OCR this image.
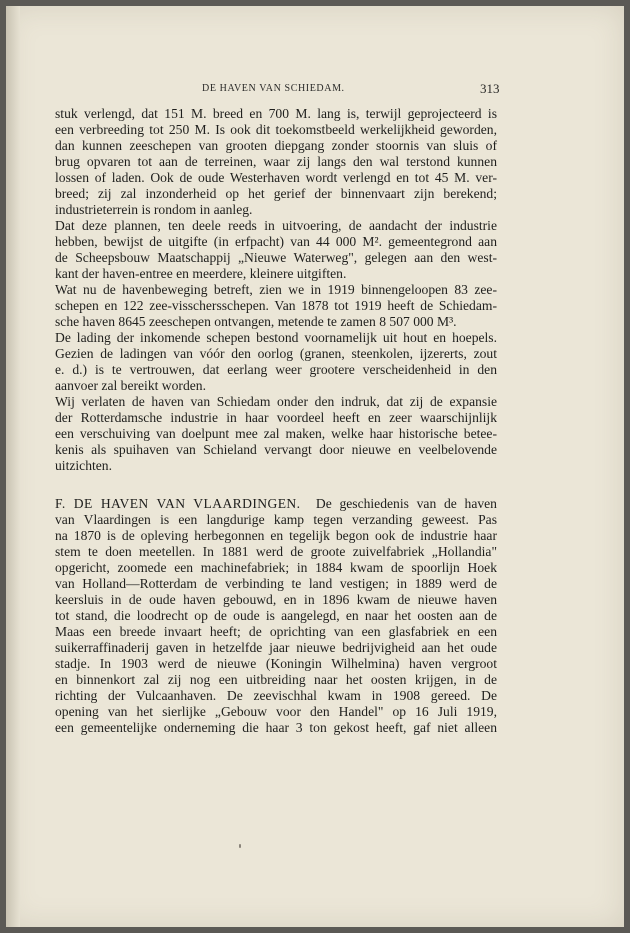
DE HAVEN VAN SCHIEDAM.	313
stuk verlengd, dat 151 M. breed en 700 M. lang is, terwijl geprojecteerd is
een verbreeding tot 250 M. Is ook dit toekomstbeeld werkelijkheid geworden,
dan kunnen zeeschepen van grooten diepgang zonder stoornis van sluis of
brug opvaren tot aan de terreinen, waar zij langs den wal terstond kunnen
lossen of laden. Ook de oude Westerhaven wordt verlengd en tot 45 M. ver-
breed; zij zal inzonderheid op het gerief der binnenvaart zijn berekend;
industrieterrein is rondom in aanleg.
Dat deze plannen, ten deele reeds in uitvoering, de aandacht der industrie
hebben, bewijst de uitgifte (in erfpacht) van 44 000 M². gemeentegrond aan
de Scheepsbouw Maatschappij „Nieuwe Waterweg", gelegen aan den west-
kant der haven-entree en meerdere, kleinere uitgiften.
Wat nu de havenbeweging betreft, zien we in 1919 binnengeloopen 83 zee-
schepen en 122 zee-visschersschepen. Van 1878 tot 1919 heeft de Schiedam-
sche haven 8645 zeeschepen ontvangen, metende te zamen 8 507 000 M³.
De lading der inkomende schepen bestond voornamelijk uit hout en hoepels.
Gezien de ladingen van vóór den oorlog (granen, steenkolen, ijzererts, zout
e. d.) is te vertrouwen, dat eerlang weer grootere verscheidenheid in den
aanvoer zal bereikt worden.
Wij verlaten de haven van Schiedam onder den indruk, dat zij de expansie
der Rotterdamsche industrie in haar voordeel heeft en zeer waarschijnlijk
een verschuiving van doelpunt mee zal maken, welke haar historische betee-
kenis als spuihaven van Schieland vervangt door nieuwe en veelbelovende
uitzichten.
F. DE HAVEN VAN VLAARDINGEN. De geschiedenis van de haven
van Vlaardingen is een langdurige kamp tegen verzanding geweest. Pas
na 1870 is de opleving herbegonnen en tegelijk begon ook de industrie haar
stem te doen meetellen. In 1881 werd de groote zuivelfabriek „Hollandia"
opgericht, zoomede een machinefabriek; in 1884 kwam de spoorlijn Hoek
van Holland—Rotterdam de verbinding te land vestigen; in 1889 werd de
keersluis in de oude haven gebouwd, en in 1896 kwam de nieuwe haven
tot stand, die loodrecht op de oude is aangelegd, en naar het oosten aan de
Maas een breede invaart heeft; de oprichting van een glasfabriek en een
suikerraffinaderij gaven in hetzelfde jaar nieuwe bedrijvigheid aan het oude
stadje. In 1903 werd de nieuwe (Koningin Wilhelmina) haven vergroot
en binnenkort zal zij nog een uitbreiding naar het oosten krijgen, in de
richting der Vulcaanhaven. De zeevischhal kwam in 1908 gereed. De
opening van het sierlijke „Gebouw voor den Handel" op 16 Juli 1919,
een gemeentelijke onderneming die haar 3 ton gekost heeft, gaf niet alleen
